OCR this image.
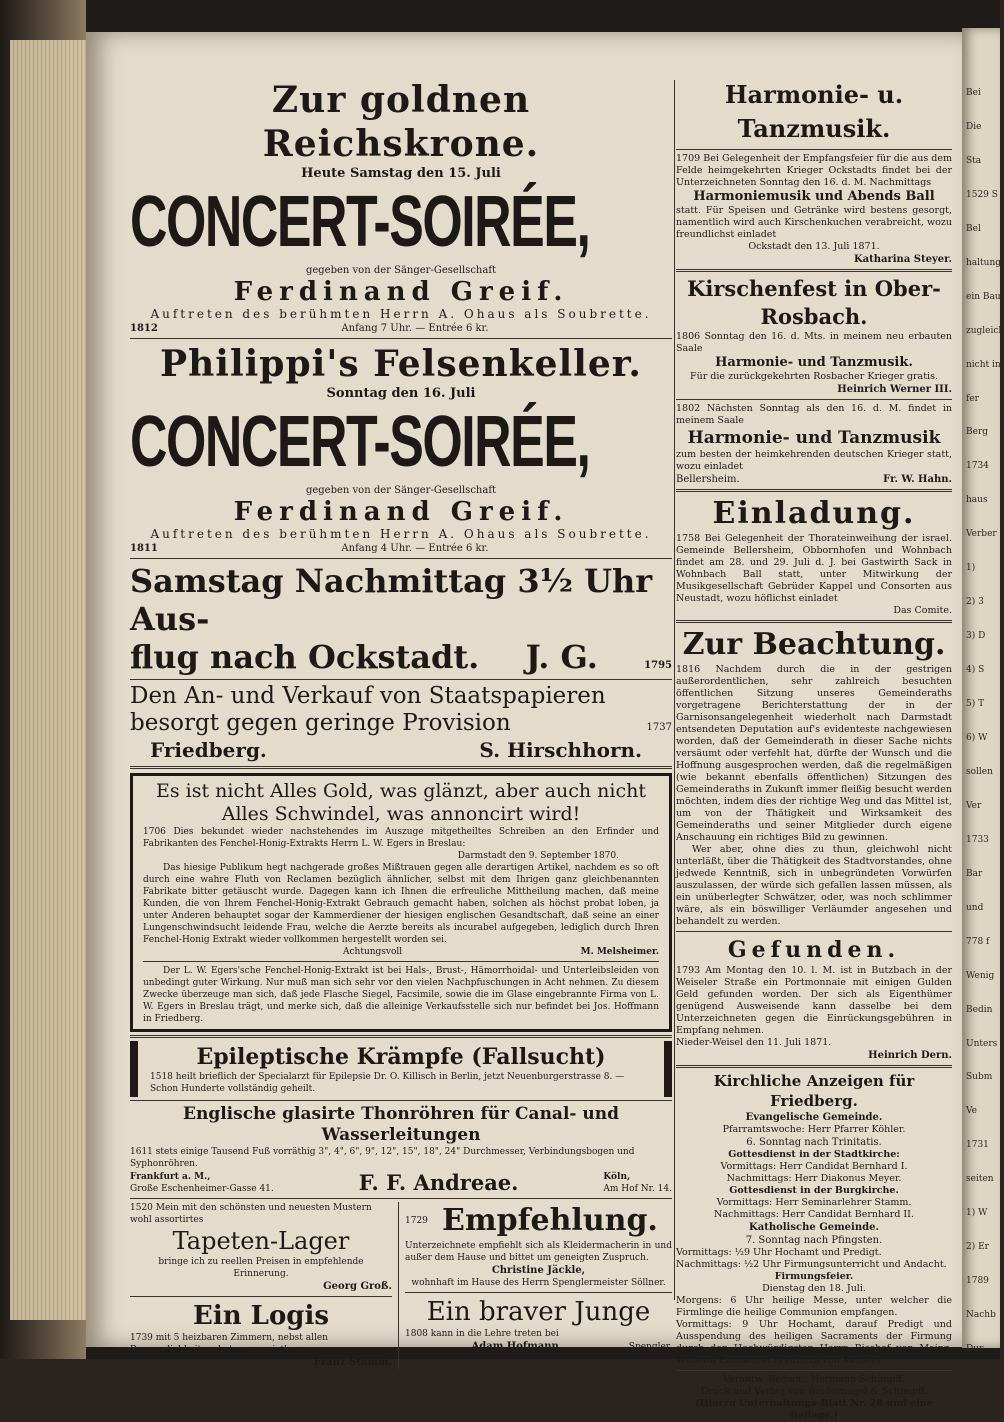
Bei
Die
Sta
1529 S
Bel
haltung
ein Bau
zugleich
nicht in
fer
Berg
1734
haus
Verber
1)
2) 3
3) D
4) S
5) T
6) W
sollen
Ver
1733
Bar
und
778 f
Wenig
Bedin
Unters
Subm
Ve
1731
seiten
1) W
2) Er
1789
Nachb
Dur
Zur goldnen Reichskrone.
Heute Samstag den 15. Juli
CONCERT-SOIRÉE,
gegeben von der Sänger-Gesellschaft
Ferdinand Greif.
Auftreten des berühmten Herrn A. Ohaus als Soubrette.
1812	Anfang 7 Uhr. — Entrée 6 kr.
Philippi's Felsenkeller.
Sonntag den 16. Juli
CONCERT-SOIRÉE,
gegeben von der Sänger-Gesellschaft
Ferdinand Greif.
Auftreten des berühmten Herrn A. Ohaus als Soubrette.
1811	Anfang 4 Uhr. — Entrée 6 kr.
Samstag Nachmittag 3½ Uhr Aus-
flug nach Ockstadt. J. G.	1795
Den An- und Verkauf von Staatspapieren
besorgt gegen geringe Provision	1737
Friedberg.	S. Hirschhorn.
Es ist nicht Alles Gold, was glänzt, aber auch nicht
Alles Schwindel, was annoncirt wird!
1706 Dies bekundet wieder nachstehendes im Auszuge mitgetheiltes Schreiben an den Erfinder und Fabrikanten des Fenchel-Honig-Extrakts Herrn L. W. Egers in Breslau:
Darmstadt den 9. September 1870.
Das hiesige Publikum hegt nachgerade großes Mißtrauen gegen alle derartigen Artikel, nachdem es so oft durch eine wahre Fluth von Reclamen bezüglich ähnlicher, selbst mit dem Ihrigen ganz gleichbenannten Fabrikate bitter getäuscht wurde. Dagegen kann ich Ihnen die erfreuliche Mittheilung machen, daß meine Kunden, die von Ihrem Fenchel-Honig-Extrakt Gebrauch gemacht haben, solchen als höchst probat loben, ja unter Anderen behauptet sogar der Kammerdiener der hiesigen englischen Gesandtschaft, daß seine an einer Lungenschwindsucht leidende Frau, welche die Aerzte bereits als incurabel aufgegeben, lediglich durch Ihren Fenchel-Honig Extrakt wieder vollkommen hergestellt worden sei.
Achtungsvoll	M. Melsheimer.
Der L. W. Egers'sche Fenchel-Honig-Extrakt ist bei Hals-, Brust-, Hämorrhoidal- und Unterleibsleiden von unbedingt guter Wirkung. Nur muß man sich sehr vor den vielen Nachpfuschungen in Acht nehmen. Zu diesem Zwecke überzeuge man sich, daß jede Flasche Siegel, Facsimile, sowie die im Glase eingebrannte Firma von L. W. Egers in Breslau trägt, und merke sich, daß die alleinige Verkaufsstelle sich nur befindet bei Jos. Hoffmann in Friedberg.
Epileptische Krämpfe (Fallsucht)
1518 heilt brieflich der Specialarzt für Epilepsie Dr. O. Killisch in Berlin, jetzt Neuenburgerstrasse 8. — Schon Hunderte vollständig geheilt.
Englische glasirte Thonröhren für Canal- und Wasserleitungen
1611 stets einige Tausend Fuß vorräthig 3", 4", 6", 9", 12", 15", 18", 24" Durchmesser, Verbindungsbogen und Syphonröhren.
Frankfurt a. M.,
Große Eschenheimer-Gasse 41.	F. F. Andreae.	Köln,
Am Hof Nr. 14.
1520 Mein mit den schönsten und neuesten Mustern wohl assortirtes
Tapeten-Lager
bringe ich zu reellen Preisen in empfehlende Erinnerung.
Georg Groß.
Ein Logis
1739 mit 5 heizbaren Zimmern, nebst allen Bequemlichkeiten, hat zu vermiethen
Franz Stamm.
1729 Empfehlung.
Unterzeichnete empfiehlt sich als Kleidermacherin in und außer dem Hause und bittet um geneigten Zuspruch.
Christine Jäckle,
wohnhaft im Hause des Herrn Spenglermeister Söllner.
Ein braver Junge
1808 kann in die Lehre treten bei
Adam Hofmann,	Spengler.
Harmonie- u. Tanzmusik.
1709 Bei Gelegenheit der Empfangsfeier für die aus dem Felde heimgekehrten Krieger Ockstadts findet bei der Unterzeichneten Sonntag den 16. d. M. Nachmittags
Harmoniemusik und Abends Ball
statt. Für Speisen und Getränke wird bestens gesorgt, namentlich wird auch Kirschenkuchen verabreicht, wozu freundlichst einladet
Ockstadt den 13. Juli 1871.
Katharina Steyer.
Kirschenfest in Ober-Rosbach.
1806 Sonntag den 16. d. Mts. in meinem neu erbauten Saale
Harmonie- und Tanzmusik.
Für die zurückgekehrten Rosbacher Krieger gratis.
Heinrich Werner III.
1802 Nächsten Sonntag als den 16. d. M. findet in meinem Saale
Harmonie- und Tanzmusik
zum besten der heimkehrenden deutschen Krieger statt, wozu einladet
Bellersheim.	Fr. W. Hahn.
Einladung.
1758 Bei Gelegenheit der Thorateinweihung der israel. Gemeinde Bellersheim, Obbornhofen und Wohnbach findet am 28. und 29. Juli d. J. bei Gastwirth Sack in Wohnbach Ball statt, unter Mitwirkung der Musikgesellschaft Gebrüder Kappel und Consorten aus Neustadt, wozu höflichst einladet
Das Comite.
Zur Beachtung.
1816 Nachdem durch die in der gestrigen außerordentlichen, sehr zahlreich besuchten öffentlichen Sitzung unseres Gemeinderaths vorgetragene Berichterstattung der in der Garnisonsangelegenheit wiederholt nach Darmstadt entsendeten Deputation auf's evidenteste nachgewiesen worden, daß der Gemeinderath in dieser Sache nichts versäumt oder verfehlt hat, dürfte der Wunsch und die Hoffnung ausgesprochen werden, daß die regelmäßigen (wie bekannt ebenfalls öffentlichen) Sitzungen des Gemeinderaths in Zukunft immer fleißig besucht werden möchten, indem dies der richtige Weg und das Mittel ist, um von der Thätigkeit und Wirksamkeit des Gemeinderaths und seiner Mitglieder durch eigene Anschauung ein richtiges Bild zu gewinnen.
Wer aber, ohne dies zu thun, gleichwohl nicht unterläßt, über die Thätigkeit des Stadtvorstandes, ohne jedwede Kenntniß, sich in unbegründeten Vorwürfen auszulassen, der würde sich gefallen lassen müssen, als ein unüberlegter Schwätzer, oder, was noch schlimmer wäre, als ein böswilliger Verläumder angesehen und behandelt zu werden.
Gefunden.
1793 Am Montag den 10. l. M. ist in Butzbach in der Weiseler Straße ein Portmonnaie mit einigen Gulden Geld gefunden worden. Der sich als Eigenthümer genügend Ausweisende kann dasselbe bei dem Unterzeichneten gegen die Einrückungsgebühren in Empfang nehmen.
Nieder-Weisel den 11. Juli 1871.
Heinrich Dern.
Kirchliche Anzeigen für Friedberg.
Evangelische Gemeinde.
Pfarramtswoche: Herr Pfarrer Köhler.
6. Sonntag nach Trinitatis.
Gottesdienst in der Stadtkirche:
Vormittags: Herr Candidat Bernhard I.
Nachmittags: Herr Diakonus Meyer.
Gottesdienst in der Burgkirche.
Vormittags: Herr Seminarlehrer Stamm.
Nachmittags: Herr Candidat Bernhard II.
Katholische Gemeinde.
7. Sonntag nach Pfingsten.
Vormittags: ½9 Uhr Hochamt und Predigt.
Nachmittags: ½2 Uhr Firmungsunterricht und Andacht.
Firmungsfeier.
Dienstag den 18. Juli.
Morgens: 6 Uhr heilige Messe, unter welcher die Firmlinge die heilige Communion empfangen.
Vormittags: 9 Uhr Hochamt, darauf Predigt und Ausspendung des heiligen Sacraments der Firmung durch den Hochwürdigsten Herrn Bischof von Mainz, Wilhelm Emmanuel Freiherrn von Ketteler.
Verantw. Redact.: Hermann Schimpff.
Druck und Verlag von Bindernagel & Schimpff.
(Hierzu Unterhaltungs-Blatt Nr. 28 und eine Beilage.)
